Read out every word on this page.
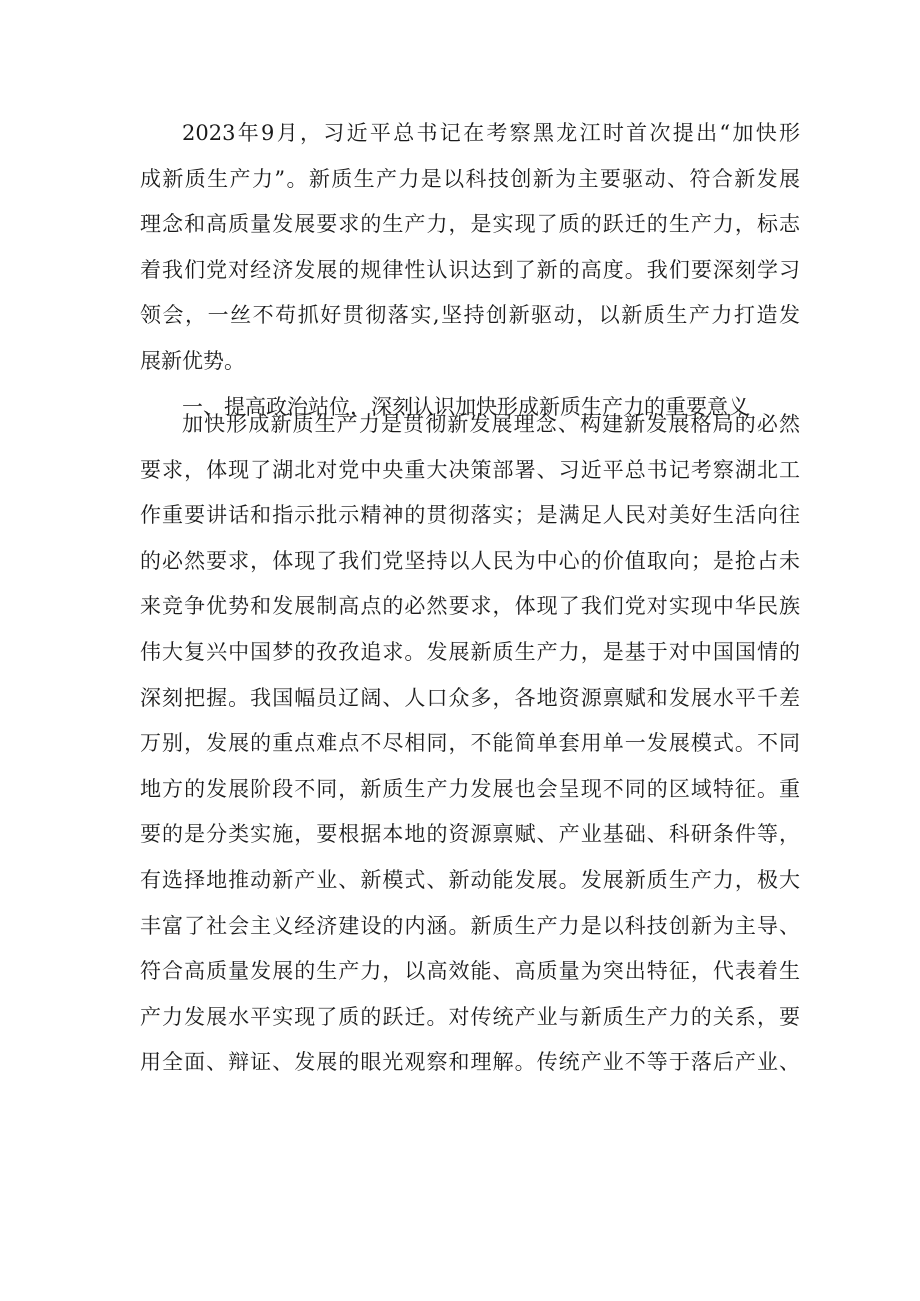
2023年9月，习近平总书记在考察黑龙江时首次提出“加快形
成新质生产力”。新质生产力是以科技创新为主要驱动、符合新发展
理念和高质量发展要求的生产力，是实现了质的跃迁的生产力，标志
着我们党对经济发展的规律性认识达到了新的高度。我们要深刻学习
领会，一丝不苟抓好贯彻落实,坚持创新驱动，以新质生产力打造发
展新优势。
一、提高政治站位，深刻认识加快形成新质生产力的重要意义
加快形成新质生产力是贯彻新发展理念、构建新发展格局的必然
要求，体现了湖北对党中央重大决策部署、习近平总书记考察湖北工
作重要讲话和指示批示精神的贯彻落实；是满足人民对美好生活向往
的必然要求，体现了我们党坚持以人民为中心的价值取向；是抢占未
来竞争优势和发展制高点的必然要求，体现了我们党对实现中华民族
伟大复兴中国梦的孜孜追求。发展新质生产力，是基于对中国国情的
深刻把握。我国幅员辽阔、人口众多，各地资源禀赋和发展水平千差
万别，发展的重点难点不尽相同，不能简单套用单一发展模式。不同
地方的发展阶段不同，新质生产力发展也会呈现不同的区域特征。重
要的是分类实施，要根据本地的资源禀赋、产业基础、科研条件等，
有选择地推动新产业、新模式、新动能发展。发展新质生产力，极大
丰富了社会主义经济建设的内涵。新质生产力是以科技创新为主导、
符合高质量发展的生产力，以高效能、高质量为突出特征，代表着生
产力发展水平实现了质的跃迁。对传统产业与新质生产力的关系，要
用全面、辩证、发展的眼光观察和理解。传统产业不等于落后产业、
